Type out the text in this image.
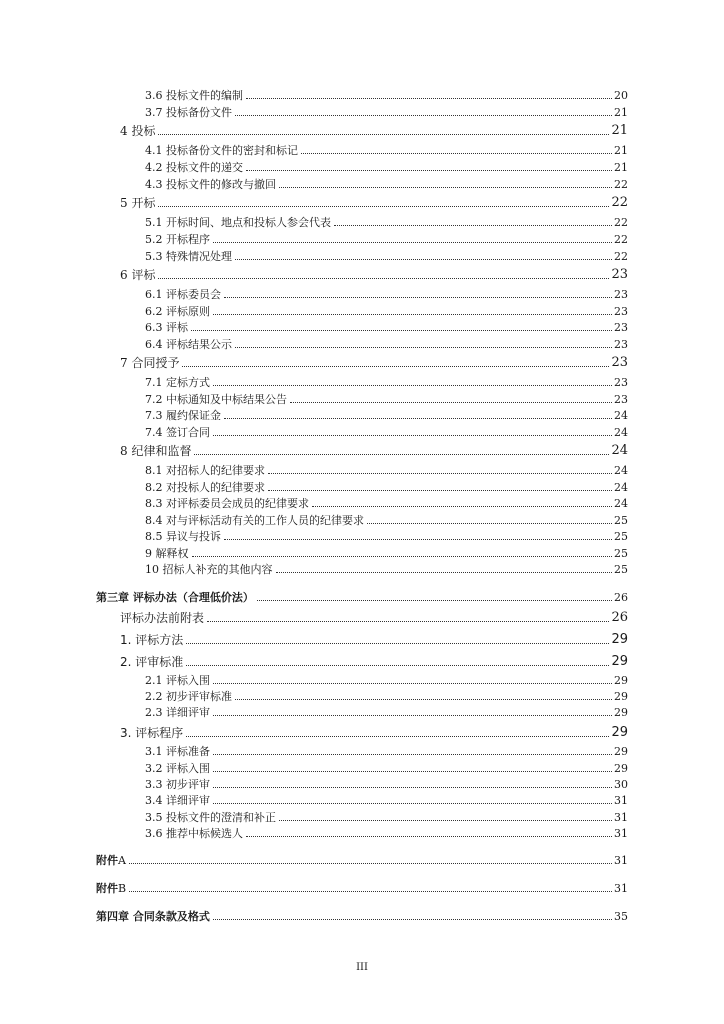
3.6 投标文件的编制	20
3.7 投标备份文件	21
4 投标	21
4.1 投标备份文件的密封和标记	21
4.2 投标文件的递交	21
4.3 投标文件的修改与撤回	22
5 开标	22
5.1 开标时间、地点和投标人参会代表	22
5.2 开标程序	22
5.3 特殊情况处理	22
6 评标	23
6.1 评标委员会	23
6.2 评标原则	23
6.3 评标	23
6.4 评标结果公示	23
7 合同授予	23
7.1 定标方式	23
7.2 中标通知及中标结果公告	23
7.3 履约保证金	24
7.4 签订合同	24
8 纪律和监督	24
8.1 对招标人的纪律要求	24
8.2 对投标人的纪律要求	24
8.3 对评标委员会成员的纪律要求	24
8.4 对与评标活动有关的工作人员的纪律要求	25
8.5 异议与投诉	25
9 解释权	25
10 招标人补充的其他内容	25
第三章 评标办法（合理低价法）	26
评标办法前附表	26
1. 评标方法	29
2. 评审标准	29
2.1 评标入围	29
2.2 初步评审标准	29
2.3 详细评审	29
3. 评标程序	29
3.1 评标准备	29
3.2 评标入围	29
3.3 初步评审	30
3.4 详细评审	31
3.5 投标文件的澄清和补正	31
3.6 推荐中标候选人	31
附件A	31
附件B	31
第四章 合同条款及格式	35
III
